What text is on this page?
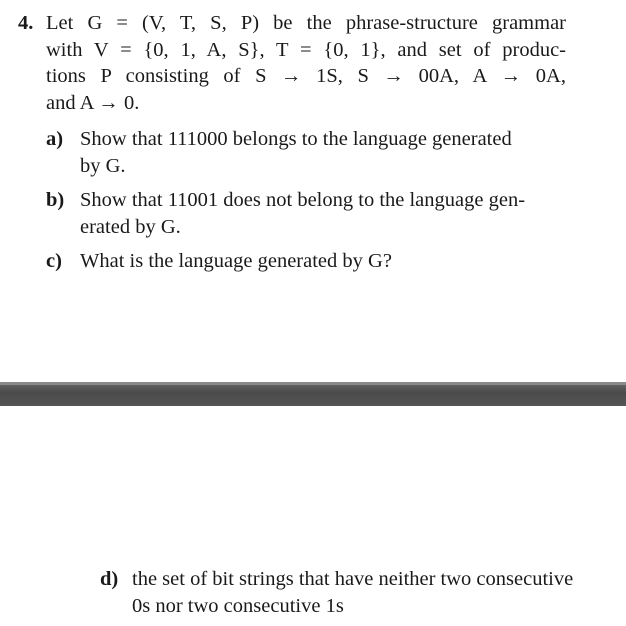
4. Let G = (V, T, S, P) be the phrase-structure grammar
with V = {0, 1, A, S}, T = {0, 1}, and set of produc-
tions P consisting of S → 1S, S → 00A, A → 0A,
and A → 0.
a) Show that 111000 belongs to the language generated
by G.
b) Show that 11001 does not belong to the language gen-
erated by G.
c) What is the language generated by G?
d) the set of bit strings that have neither two consecutive
0s nor two consecutive 1s
